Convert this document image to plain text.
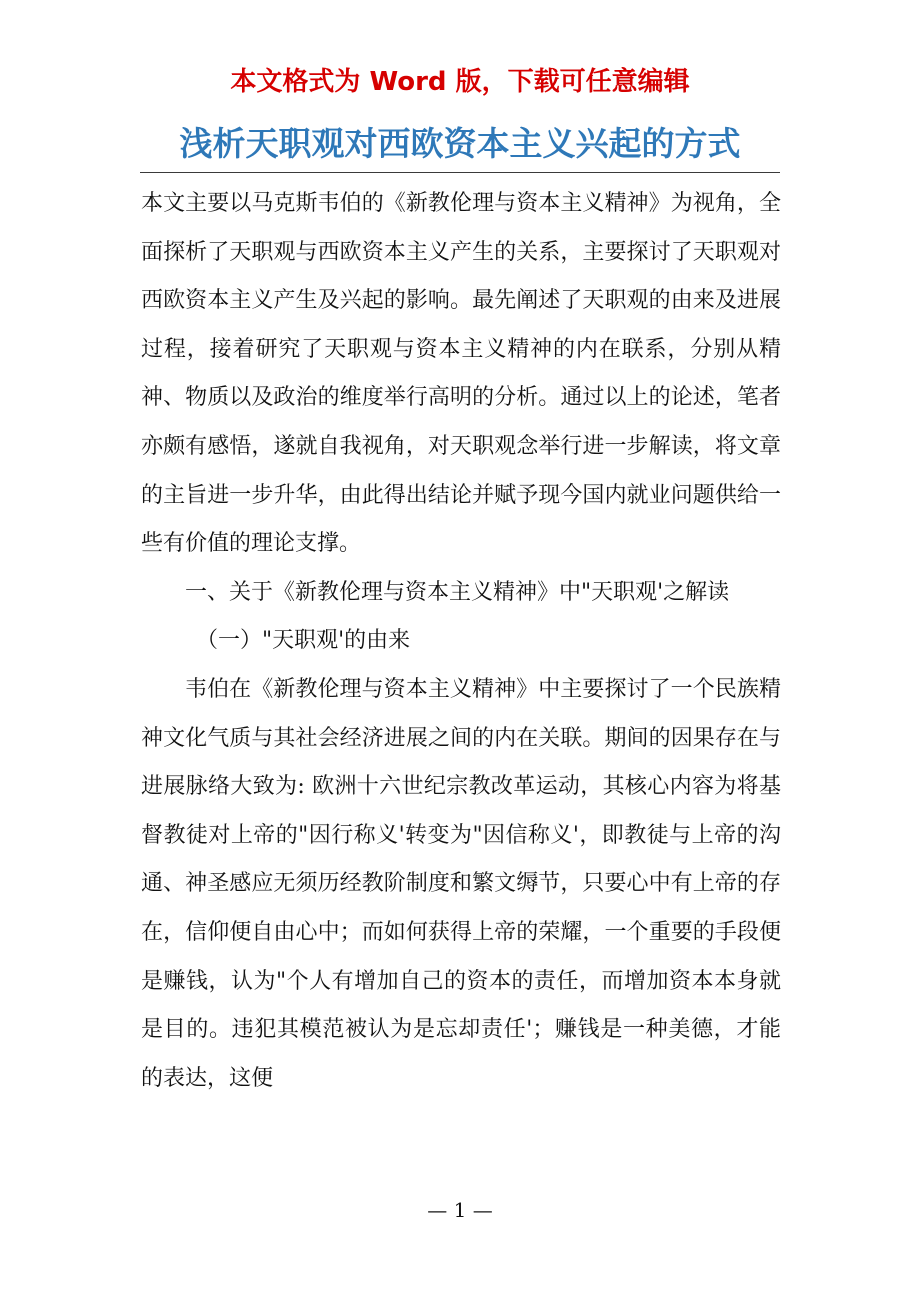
本文格式为 Word 版，下载可任意编辑
浅析天职观对西欧资本主义兴起的方式

本文主要以马克斯韦伯的《新教伦理与资本主义精神》为视角，全面探析了天职观与西欧资本主义产生的关系，主要探讨了天职观对西欧资本主义产生及兴起的影响。最先阐述了天职观的由来及进展过程，接着研究了天职观与资本主义精神的内在联系，分别从精神、物质以及政治的维度举行高明的分析。通过以上的论述，笔者亦颇有感悟，遂就自我视角，对天职观念举行进一步解读，将文章的主旨进一步升华，由此得出结论并赋予现今国内就业问题供给一些有价值的理论支撑。

一、关于《新教伦理与资本主义精神》中"天职观'之解读

（一）"天职观'的由来

韦伯在《新教伦理与资本主义精神》中主要探讨了一个民族精神文化气质与其社会经济进展之间的内在关联。期间的因果存在与进展脉络大致为: 欧洲十六世纪宗教改革运动，其核心内容为将基督教徒对上帝的"因行称义'转变为"因信称义'，即教徒与上帝的沟通、神圣感应无须历经教阶制度和繁文缛节，只要心中有上帝的存在，信仰便自由心中；而如何获得上帝的荣耀，一个重要的手段便是赚钱，认为"个人有增加自己的资本的责任，而增加资本本身就是目的。违犯其模范被认为是忘却责任'；赚钱是一种美德，才能的表达，这便

— 1 —
